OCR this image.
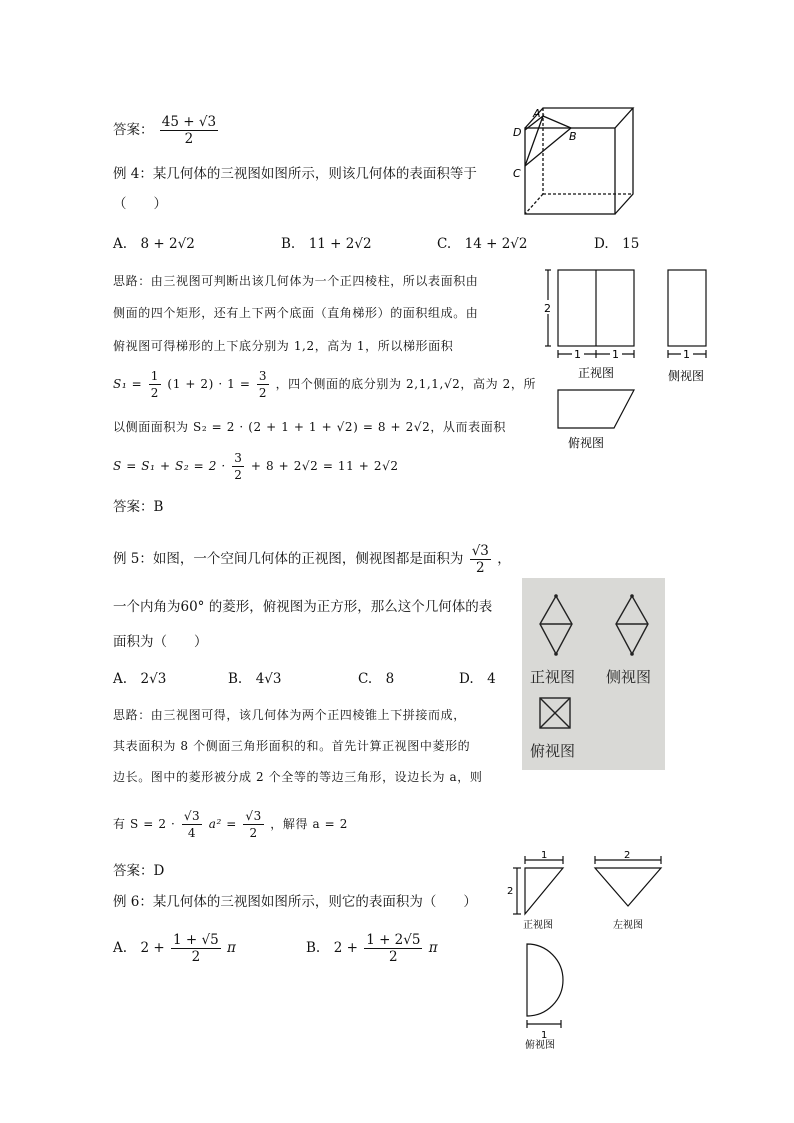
答案： $\frac{45 + √3}{2}$
A
D	B
C
例 4：某几何体的三视图如图所示，则该几何体的表面积等于
（　　）
A.　8 + 2√2	B.　11 + 2√2	C.　14 + 2√2	D.　15
思路：由三视图可判断出该几何体为一个正四棱柱，所以表面积由
侧面的四个矩形，还有上下两个底面（直角梯形）的面积组成。由
俯视图可得梯形的上下底分别为 1,2，高为 1，所以梯形面积
$S_1 = \frac{1}{2} (1 + 2) \cdot 1 = \frac{3}{2}$ ，四个侧面的底分别为 2,1,1,√2，高为 2，所
以侧面面积为 S₂ = 2 · (2 + 1 + 1 + √2) = 8 + 2√2，从而表面积
$S = S_1 + S_2 = 2 \cdot \frac{3}{2} + 8 + 2√2 = 11 + 2√2$
答案：B
2
1	1	1
正视图	侧视图
俯视图
例 5：如图，一个空间几何体的正视图，侧视图都是面积为 $\frac{√3}{2}$ ，
一个内角为60° 的菱形，俯视图为正方形，那么这个几何体的表
面积为（　　）
A.　2√3	B.　4√3	C.　8	D.　4
思路：由三视图可得，该几何体为两个正四棱锥上下拼接而成，
其表面积为 8 个侧面三角形面积的和。首先计算正视图中菱形的
边长。图中的菱形被分成 2 个全等的等边三角形，设边长为 a，则
有 $S = 2 \cdot \frac{√3}{4} a^2 = \frac{√3}{2}$ ，解得 a = 2
答案：D
正视图 侧视图
俯视图
例 6：某几何体的三视图如图所示，则它的表面积为（　　）
A.　$2 + \frac{1 + √5}{2}$ π	B.　$2 + \frac{1 + 2√5}{2}$ π
1
2
2
1
正视图	左视图
俯视图
